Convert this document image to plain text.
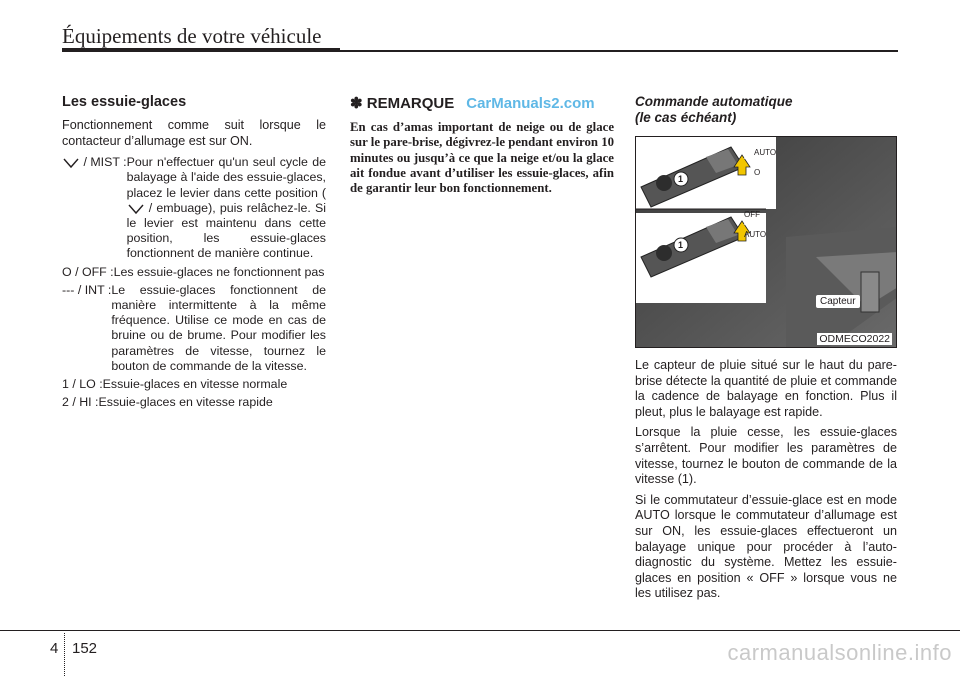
Équipements de votre véhicule
Les essuie-glaces

Fonctionnement comme suit lorsque le contacteur d’allumage est sur ON.

/ MIST : Pour n'effectuer qu'un seul cycle de balayage à l'aide des essuie-glaces, placez le levier dans cette position ( / embuage), puis relâchez-le. Si le levier est maintenu dans cette position, les essuie-glaces fonctionnent de manière continue.
O / OFF : Les essuie-glaces ne fonctionnent pas
--- / INT : Le essuie-glaces fonctionnent de manière intermittente à la même fréquence. Utilise ce mode en cas de bruine ou de brume. Pour modifier les paramètres de vitesse, tournez le bouton de commande de la vitesse.
1 / LO : Essuie-glaces en vitesse normale
2 / HI : Essuie-glaces en vitesse rapide
✽ REMARQUE CarManuals2.com
En cas d’amas important de neige ou de glace sur le pare-brise, dégivrez-le pendant environ 10 minutes ou jusqu’à ce que la neige et/ou la glace ait fondue avant d’utiliser les essuie-glaces, afin de garantir leur bon fonctionnement.
Commande automatique
(le cas échéant)
AUTO
O
OFF
AUTO
1
1
Capteur
ODMECO2022

Le capteur de pluie situé sur le haut du pare-brise détecte la quantité de pluie et commande la cadence de balayage en fonction. Plus il pleut, plus le balayage est rapide.

Lorsque la pluie cesse, les essuie-glaces s’arrêtent. Pour modifier les paramètres de vitesse, tournez le bouton de commande de la vitesse (1).

Si le commutateur d’essuie-glace est en mode AUTO lorsque le commutateur d’allumage est sur ON, les essuie-glaces effectueront un balayage unique pour procéder à l’auto-diagnostic du système. Mettez les essuie-glaces en position « OFF » lorsque vous ne les utilisez pas.

4 152	carmanualsonline.info
